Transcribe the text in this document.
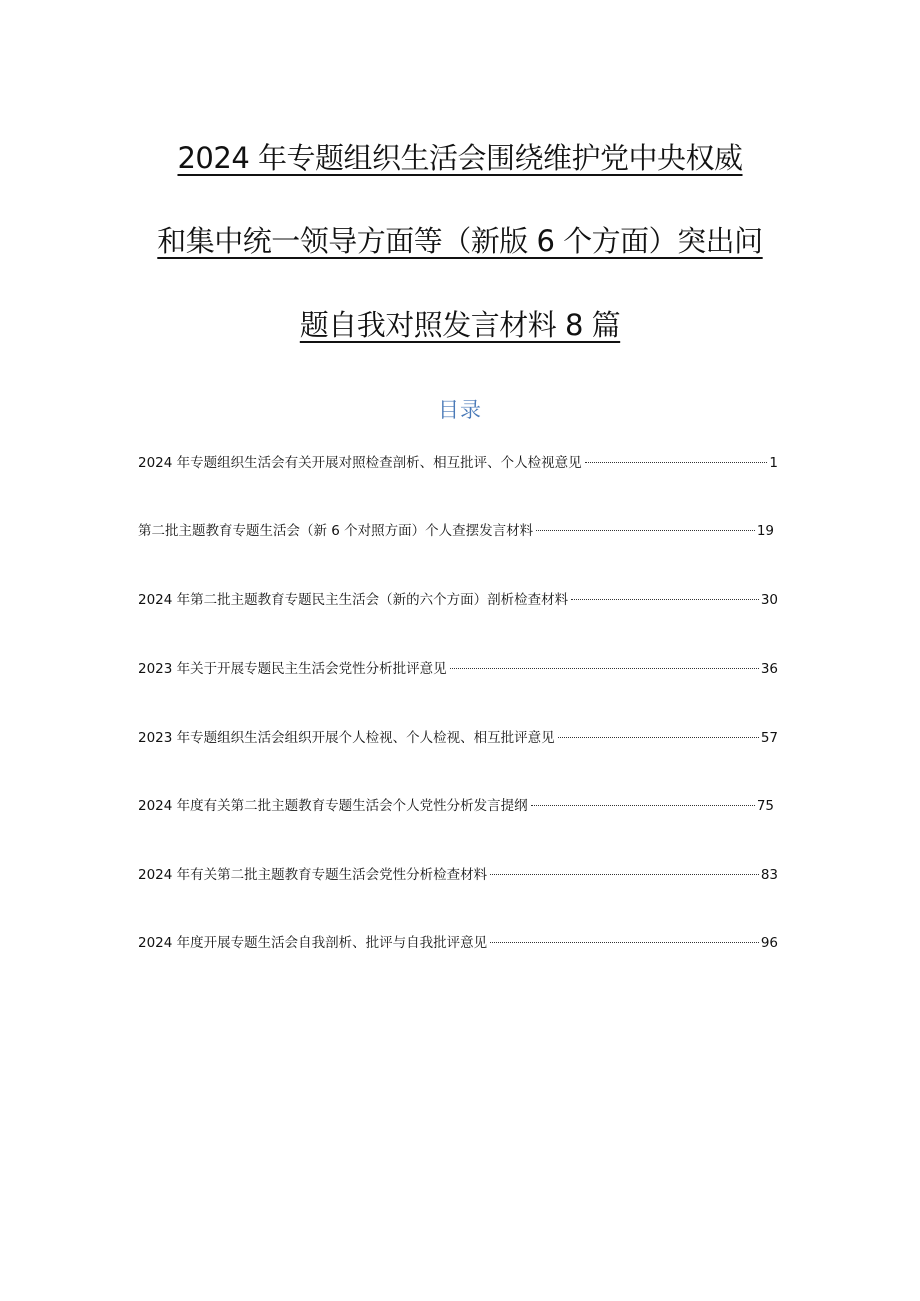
2024 年专题组织生活会围绕维护党中央权威
和集中统一领导方面等（新版 6 个方面）突出问
题自我对照发言材料 8 篇
目录
2024 年专题组织生活会有关开展对照检查剖析、相互批评、个人检视意见	1
第二批主题教育专题生活会（新 6 个对照方面）个人查摆发言材料	19
2024 年第二批主题教育专题民主生活会（新的六个方面）剖析检查材料	30
2023 年关于开展专题民主生活会党性分析批评意见	36
2023 年专题组织生活会组织开展个人检视、个人检视、相互批评意见	57
2024 年度有关第二批主题教育专题生活会个人党性分析发言提纲	75
2024 年有关第二批主题教育专题生活会党性分析检查材料	83
2024 年度开展专题生活会自我剖析、批评与自我批评意见	96
